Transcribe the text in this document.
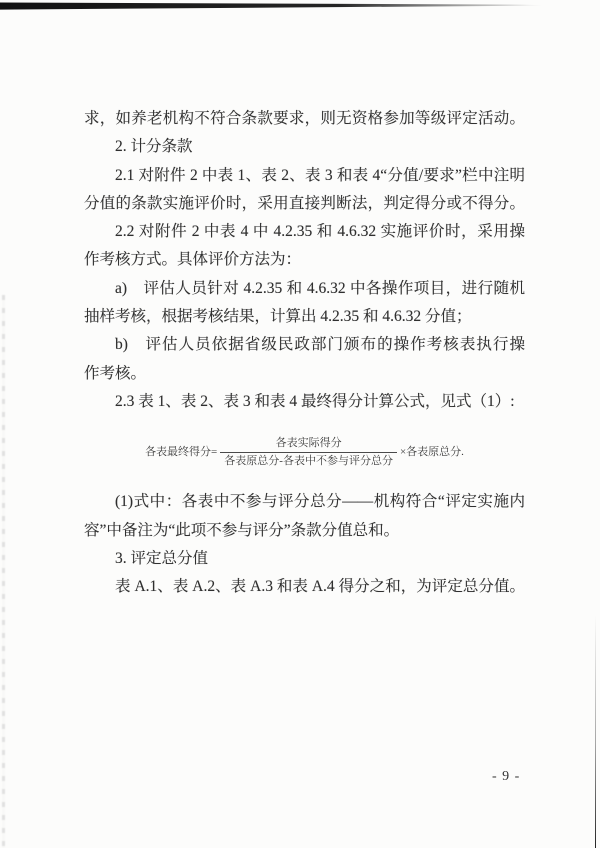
求，如养老机构不符合条款要求，则无资格参加等级评定活动。
2. 计分条款
2.1 对附件 2 中表 1、表 2、表 3 和表 4“分值/要求”栏中注明
分值的条款实施评价时，采用直接判断法，判定得分或不得分。
2.2 对附件 2 中表 4 中 4.2.35 和 4.6.32 实施评价时，采用操
作考核方式。具体评价方法为：
a)　评估人员针对 4.2.35 和 4.6.32 中各操作项目，进行随机
抽样考核，根据考核结果，计算出 4.2.35 和 4.6.32 分值；
b)　评估人员依据省级民政部门颁布的操作考核表执行操
作考核。
2.3 表 1、表 2、表 3 和表 4 最终得分计算公式，见式（1）:
各表最终得分= $\frac{\text{各表实际得分}}{\text{各表原总分-各表中不参与评分总分}}$ ×各表原总分.
(1)式中：各表中不参与评分总分——机构符合“评定实施内
容”中备注为“此项不参与评分”条款分值总和。
3. 评定总分值
表 A.1、表 A.2、表 A.3 和表 A.4 得分之和，为评定总分值。
- 9 -
